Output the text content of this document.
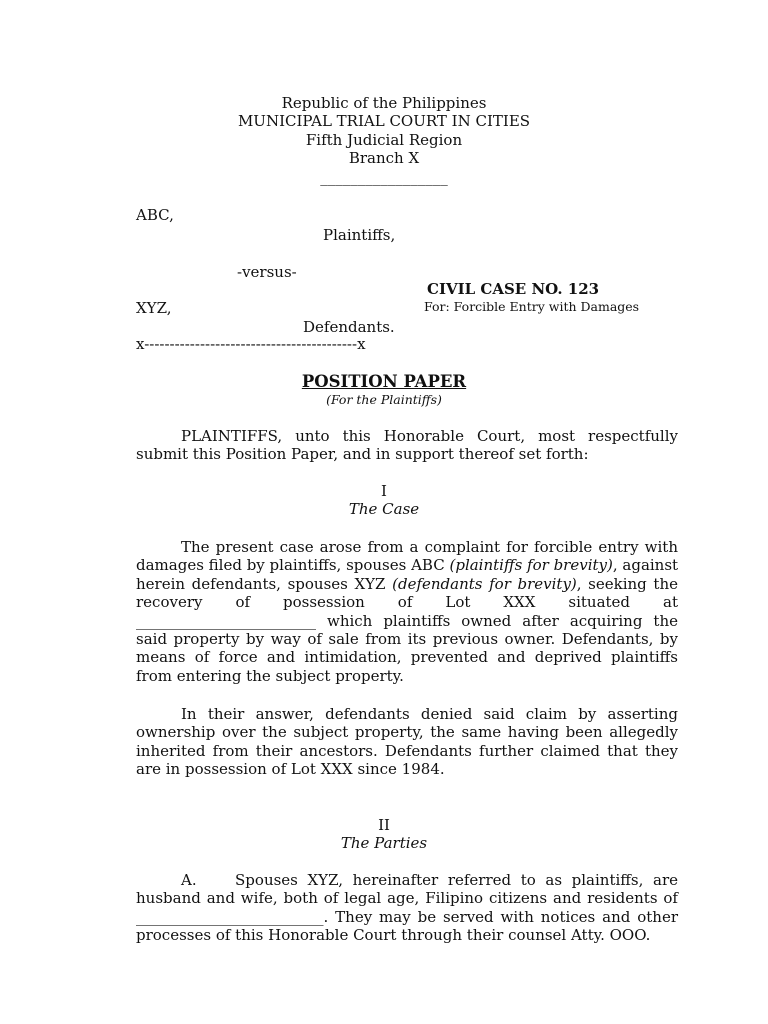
Republic of the Philippines
MUNICIPAL TRIAL COURT IN CITIES
Fifth Judicial Region
Branch X
_________________
ABC,
Plaintiffs,
-versus-
CIVIL CASE NO. 123
XYZ,	For: Forcible Entry with Damages
Defendants.
x------------------------------------------x
POSITION PAPER
(For the Plaintiffs)
PLAINTIFFS, unto this Honorable Court, most respectfully
submit this Position Paper, and in support thereof set forth:
I
The Case
The present case arose from a complaint for forcible entry with
damages filed by plaintiffs, spouses ABC (plaintiffs for brevity), against
herein defendants, spouses XYZ (defendants for brevity), seeking the
recovery of possession of Lot XXX situated at
________________________ which plaintiffs owned after acquiring the
said property by way of sale from its previous owner. Defendants, by
means of force and intimidation, prevented and deprived plaintiffs
from entering the subject property.
In their answer, defendants denied said claim by asserting
ownership over the subject property, the same having been allegedly
inherited from their ancestors. Defendants further claimed that they
are in possession of Lot XXX since 1984.
II
The Parties
A.    Spouses XYZ, hereinafter referred to as plaintiffs, are
husband and wife, both of legal age, Filipino citizens and residents of
_________________________. They may be served with notices and other
processes of this Honorable Court through their counsel Atty. OOO.
